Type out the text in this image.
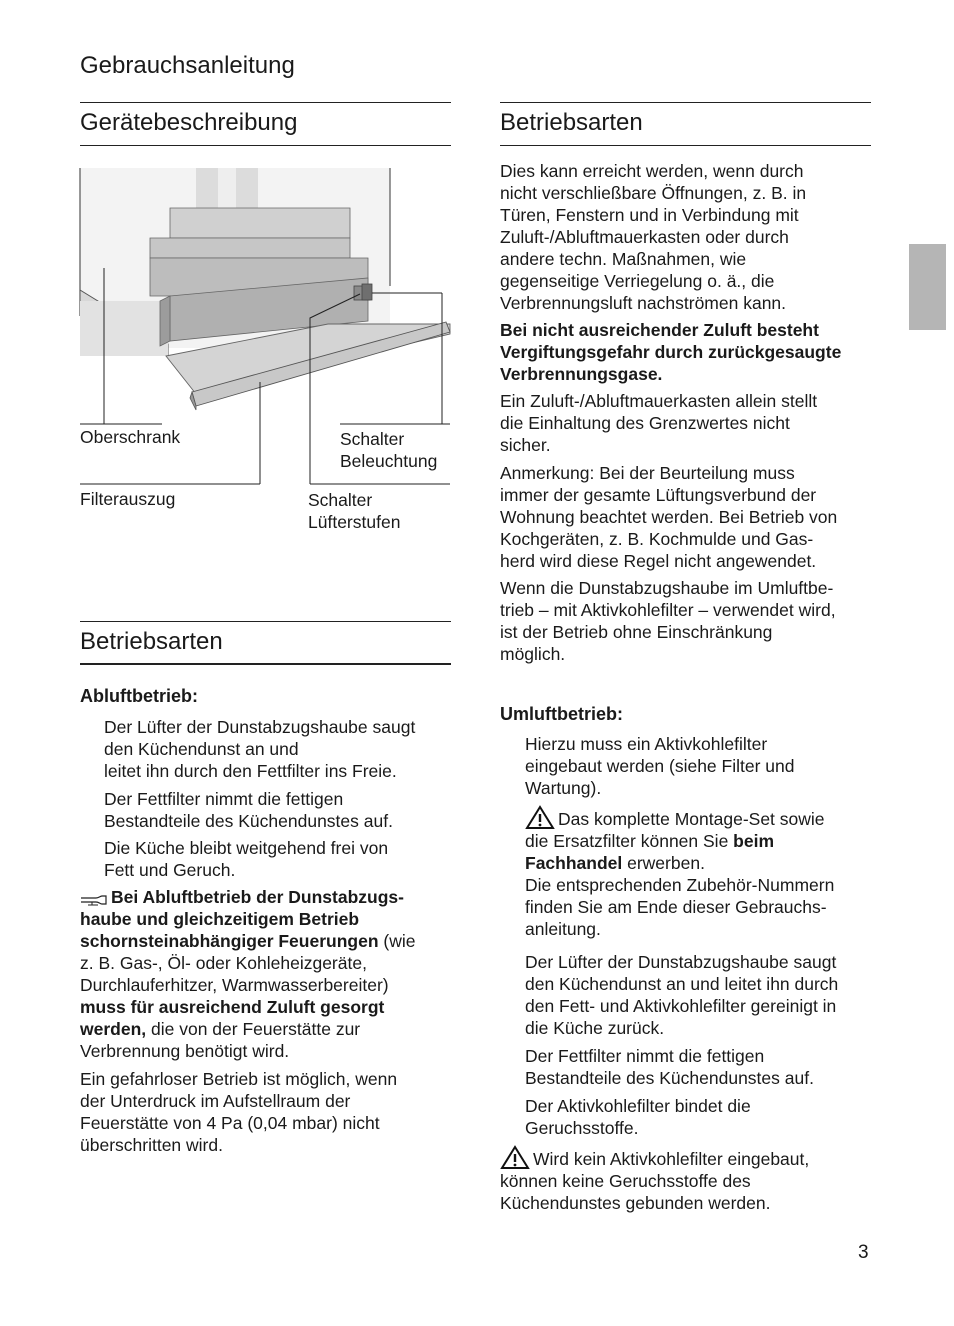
Gebrauchsanleitung
Gerätebeschreibung
Oberschrank	Schalter
Beleuchtung
Filterauszug	Schalter
Lüfterstufen
Betriebsarten
Abluftbetrieb:
Der Lüfter der Dunstabzugshaube saugt
den Küchendunst an und
leitet ihn durch den Fettfilter ins Freie.
Der Fettfilter nimmt die fettigen
Bestandteile des Küchendunstes auf.
Die Küche bleibt weitgehend frei von
Fett und Geruch.
Bei Abluftbetrieb der Dunstabzugs-
haube und gleichzeitigem Betrieb
schornsteinabhängiger Feuerungen (wie
z. B. Gas-, Öl- oder Kohleheizgeräte,
Durchlauferhitzer, Warmwasserbereiter)
muss für ausreichend Zuluft gesorgt
werden, die von der Feuerstätte zur
Verbrennung benötigt wird.
Ein gefahrloser Betrieb ist möglich, wenn
der Unterdruck im Aufstellraum der
Feuerstätte von 4 Pa (0,04 mbar) nicht
überschritten wird.
Betriebsarten
Dies kann erreicht werden, wenn durch
nicht verschließbare Öffnungen, z. B. in
Türen, Fenstern und in Verbindung mit
Zuluft-/Abluftmauerkasten oder durch
andere techn. Maßnahmen, wie
gegenseitige Verriegelung o. ä., die
Verbrennungsluft nachströmen kann.
Bei nicht ausreichender Zuluft besteht
Vergiftungsgefahr durch zurückgesaugte
Verbrennungsgase.
Ein Zuluft-/Abluftmauerkasten allein stellt
die Einhaltung des Grenzwertes nicht
sicher.
Anmerkung: Bei der Beurteilung muss
immer der gesamte Lüftungsverbund der
Wohnung beachtet werden. Bei Betrieb von
Kochgeräten, z. B. Kochmulde und Gas-
herd wird diese Regel nicht angewendet.
Wenn die Dunstabzugshaube im Umluftbe-
trieb – mit Aktivkohlefilter – verwendet wird,
ist der Betrieb ohne Einschränkung
möglich.
Umluftbetrieb:
Hierzu muss ein Aktivkohlefilter
eingebaut werden (siehe Filter und
Wartung).
Das komplette Montage-Set sowie
die Ersatzfilter können Sie beim
Fachhandel erwerben.
Die entsprechenden Zubehör-Nummern
finden Sie am Ende dieser Gebrauchs-
anleitung.
Der Lüfter der Dunstabzugshaube saugt
den Küchendunst an und leitet ihn durch
den Fett- und Aktivkohlefilter gereinigt in
die Küche zurück.
Der Fettfilter nimmt die fettigen
Bestandteile des Küchendunstes auf.
Der Aktivkohlefilter bindet die
Geruchsstoffe.
Wird kein Aktivkohlefilter eingebaut,
können keine Geruchsstoffe des
Küchendunstes gebunden werden.
3
